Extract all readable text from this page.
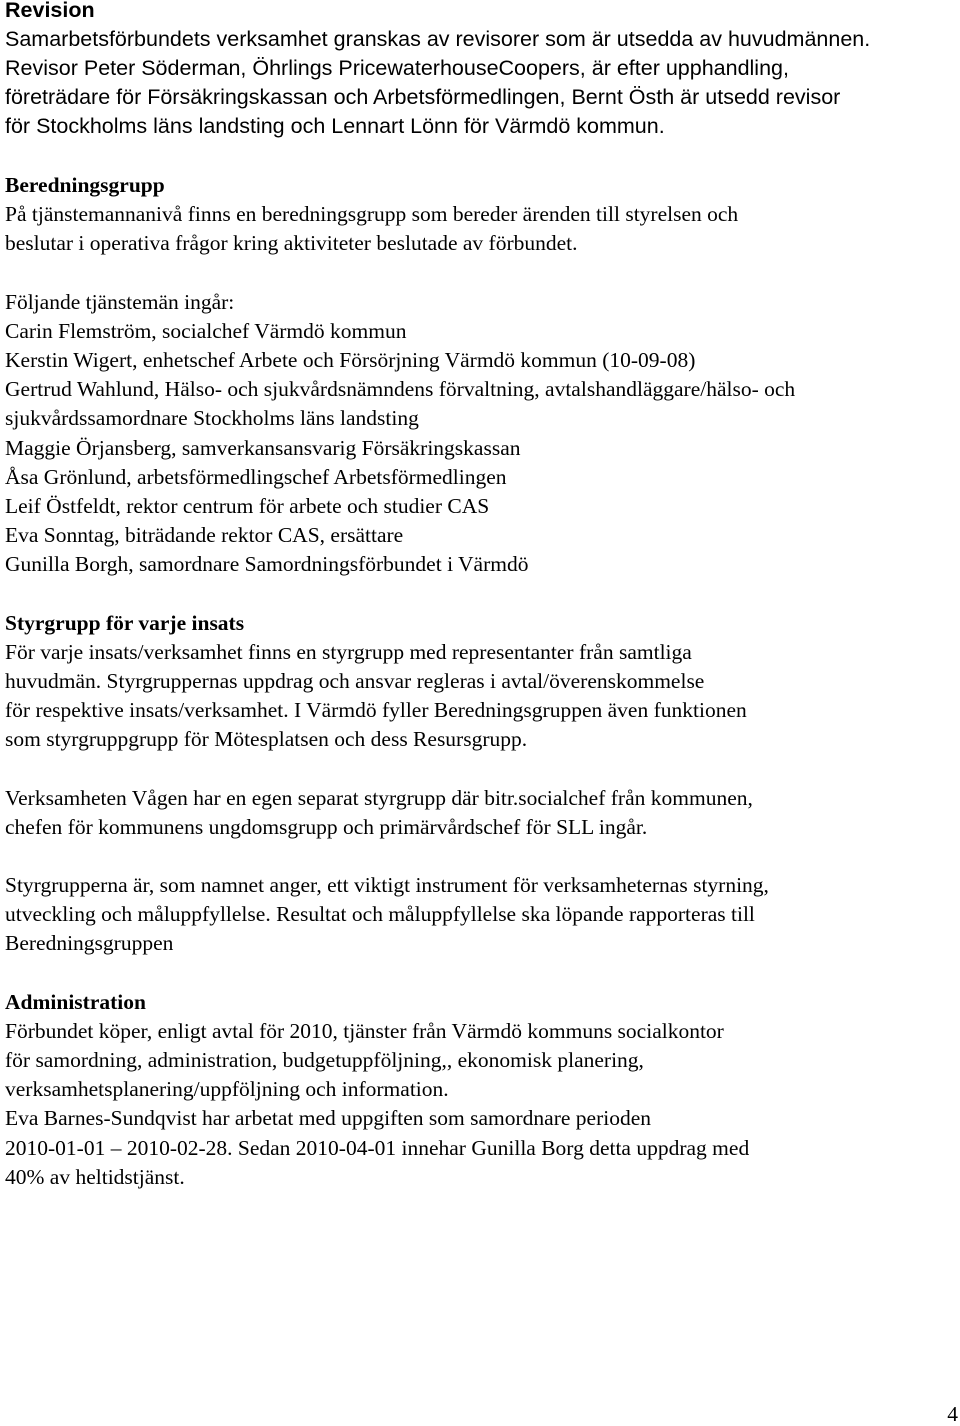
Revision
Samarbetsförbundets verksamhet granskas av revisorer som är utsedda av huvudmännen.
Revisor Peter Söderman, Öhrlings PricewaterhouseCoopers, är efter upphandling,
företrädare för Försäkringskassan och Arbetsförmedlingen, Bernt Östh är utsedd revisor
för Stockholms läns landsting och Lennart Lönn för Värmdö kommun.
Beredningsgrupp
På tjänstemannanivå finns en beredningsgrupp som bereder ärenden till styrelsen och
beslutar i operativa frågor kring aktiviteter beslutade av förbundet.
Följande tjänstemän ingår:
Carin Flemström, socialchef Värmdö kommun
Kerstin Wigert, enhetschef Arbete och Försörjning Värmdö kommun (10-09-08)
Gertrud Wahlund, Hälso- och sjukvårdsnämndens förvaltning, avtalshandläggare/hälso- och
sjukvårdssamordnare Stockholms läns landsting
Maggie Örjansberg, samverkansansvarig Försäkringskassan
Åsa Grönlund, arbetsförmedlingschef Arbetsförmedlingen
Leif Östfeldt, rektor centrum för arbete och studier CAS
Eva Sonntag, biträdande rektor CAS, ersättare
Gunilla Borgh, samordnare Samordningsförbundet i Värmdö
Styrgrupp för varje insats
För varje insats/verksamhet finns en styrgrupp med representanter från samtliga
huvudmän. Styrgruppernas uppdrag och ansvar regleras i avtal/överenskommelse
för respektive insats/verksamhet. I Värmdö fyller Beredningsgruppen även funktionen
som styrgruppgrupp för Mötesplatsen och dess Resursgrupp.
Verksamheten Vågen har en egen separat styrgrupp där bitr.socialchef från kommunen,
chefen för kommunens ungdomsgrupp och primärvårdschef för SLL ingår.
Styrgrupperna är, som namnet anger, ett viktigt instrument för verksamheternas styrning,
utveckling och måluppfyllelse. Resultat och måluppfyllelse ska löpande rapporteras till
Beredningsgruppen
Administration
Förbundet köper, enligt avtal för 2010, tjänster från Värmdö kommuns socialkontor
för samordning, administration, budgetuppföljning,, ekonomisk planering,
verksamhetsplanering/uppföljning och information.
Eva Barnes-Sundqvist har arbetat med uppgiften som samordnare perioden
2010-01-01 – 2010-02-28. Sedan 2010-04-01 innehar Gunilla Borg detta uppdrag med
40% av heltidstjänst.
4
